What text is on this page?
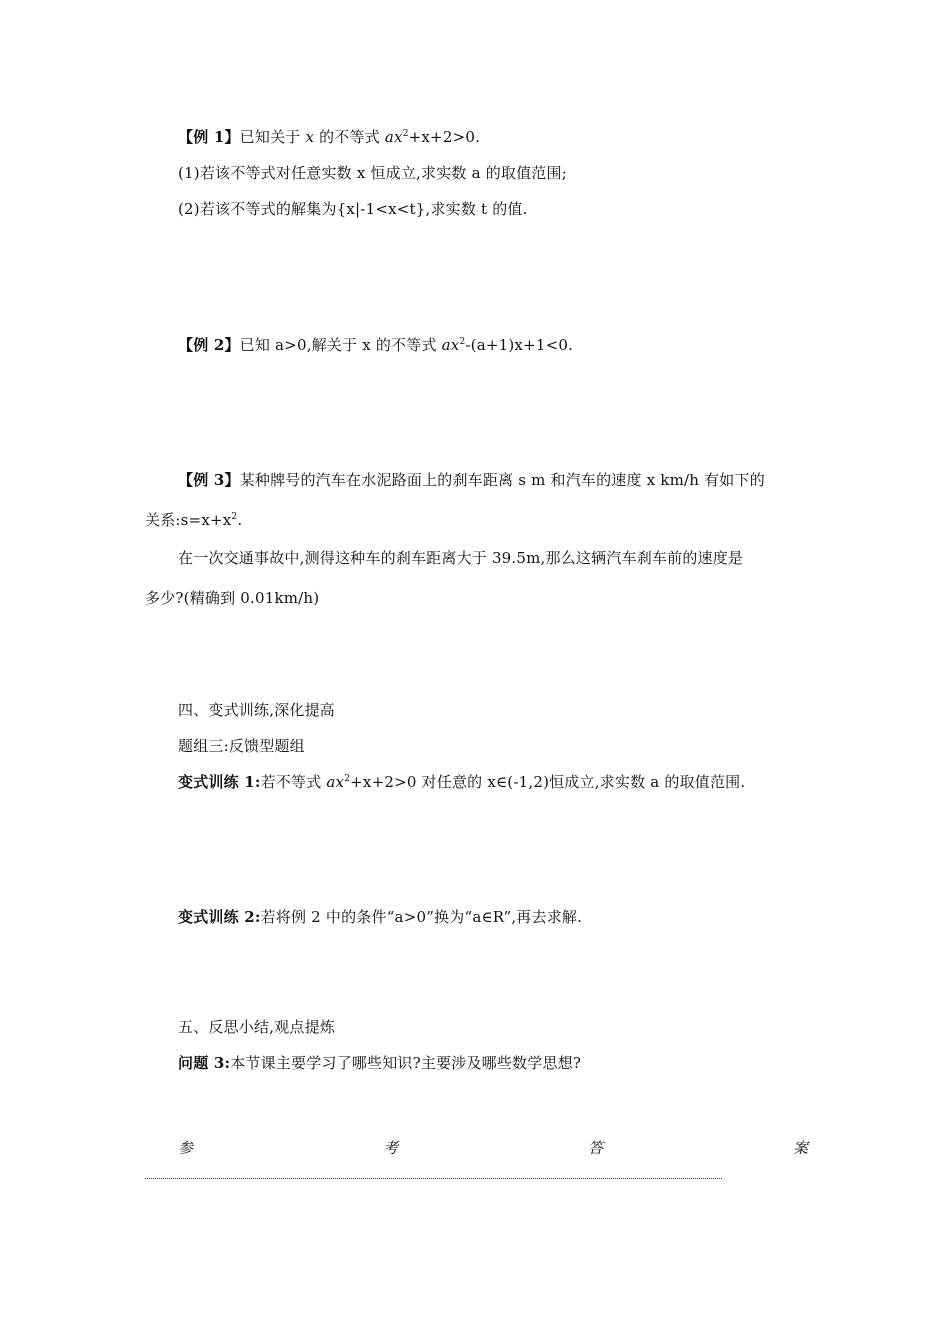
【例 1】已知关于 x 的不等式 $ax^2+x+2>0$.
(1)若该不等式对任意实数 x 恒成立,求实数 a 的取值范围;
(2)若该不等式的解集为{x|-1<x<t},求实数 t 的值.
【例 2】已知 a>0,解关于 x 的不等式 $ax^2-(a+1)x+1<0$.
【例 3】某种牌号的汽车在水泥路面上的刹车距离 s m 和汽车的速度 x km/h 有如下的
关系$:s=x+x^2$.
在一次交通事故中,测得这种车的刹车距离大于 39.5m,那么这辆汽车刹车前的速度是
多少?(精确到 0.01km/h)
四、变式训练,深化提高
题组三:反馈型题组
变式训练 1:若不等式 $ax^2+x+2>0$ 对任意的 x∈(-1,2)恒成立,求实数 a 的取值范围.
变式训练 2:若将例 2 中的条件“a>0”换为“a∈R”,再去求解.
五、反思小结,观点提炼
问题 3:本节课主要学习了哪些知识?主要涉及哪些数学思想?
参	考	答	案
